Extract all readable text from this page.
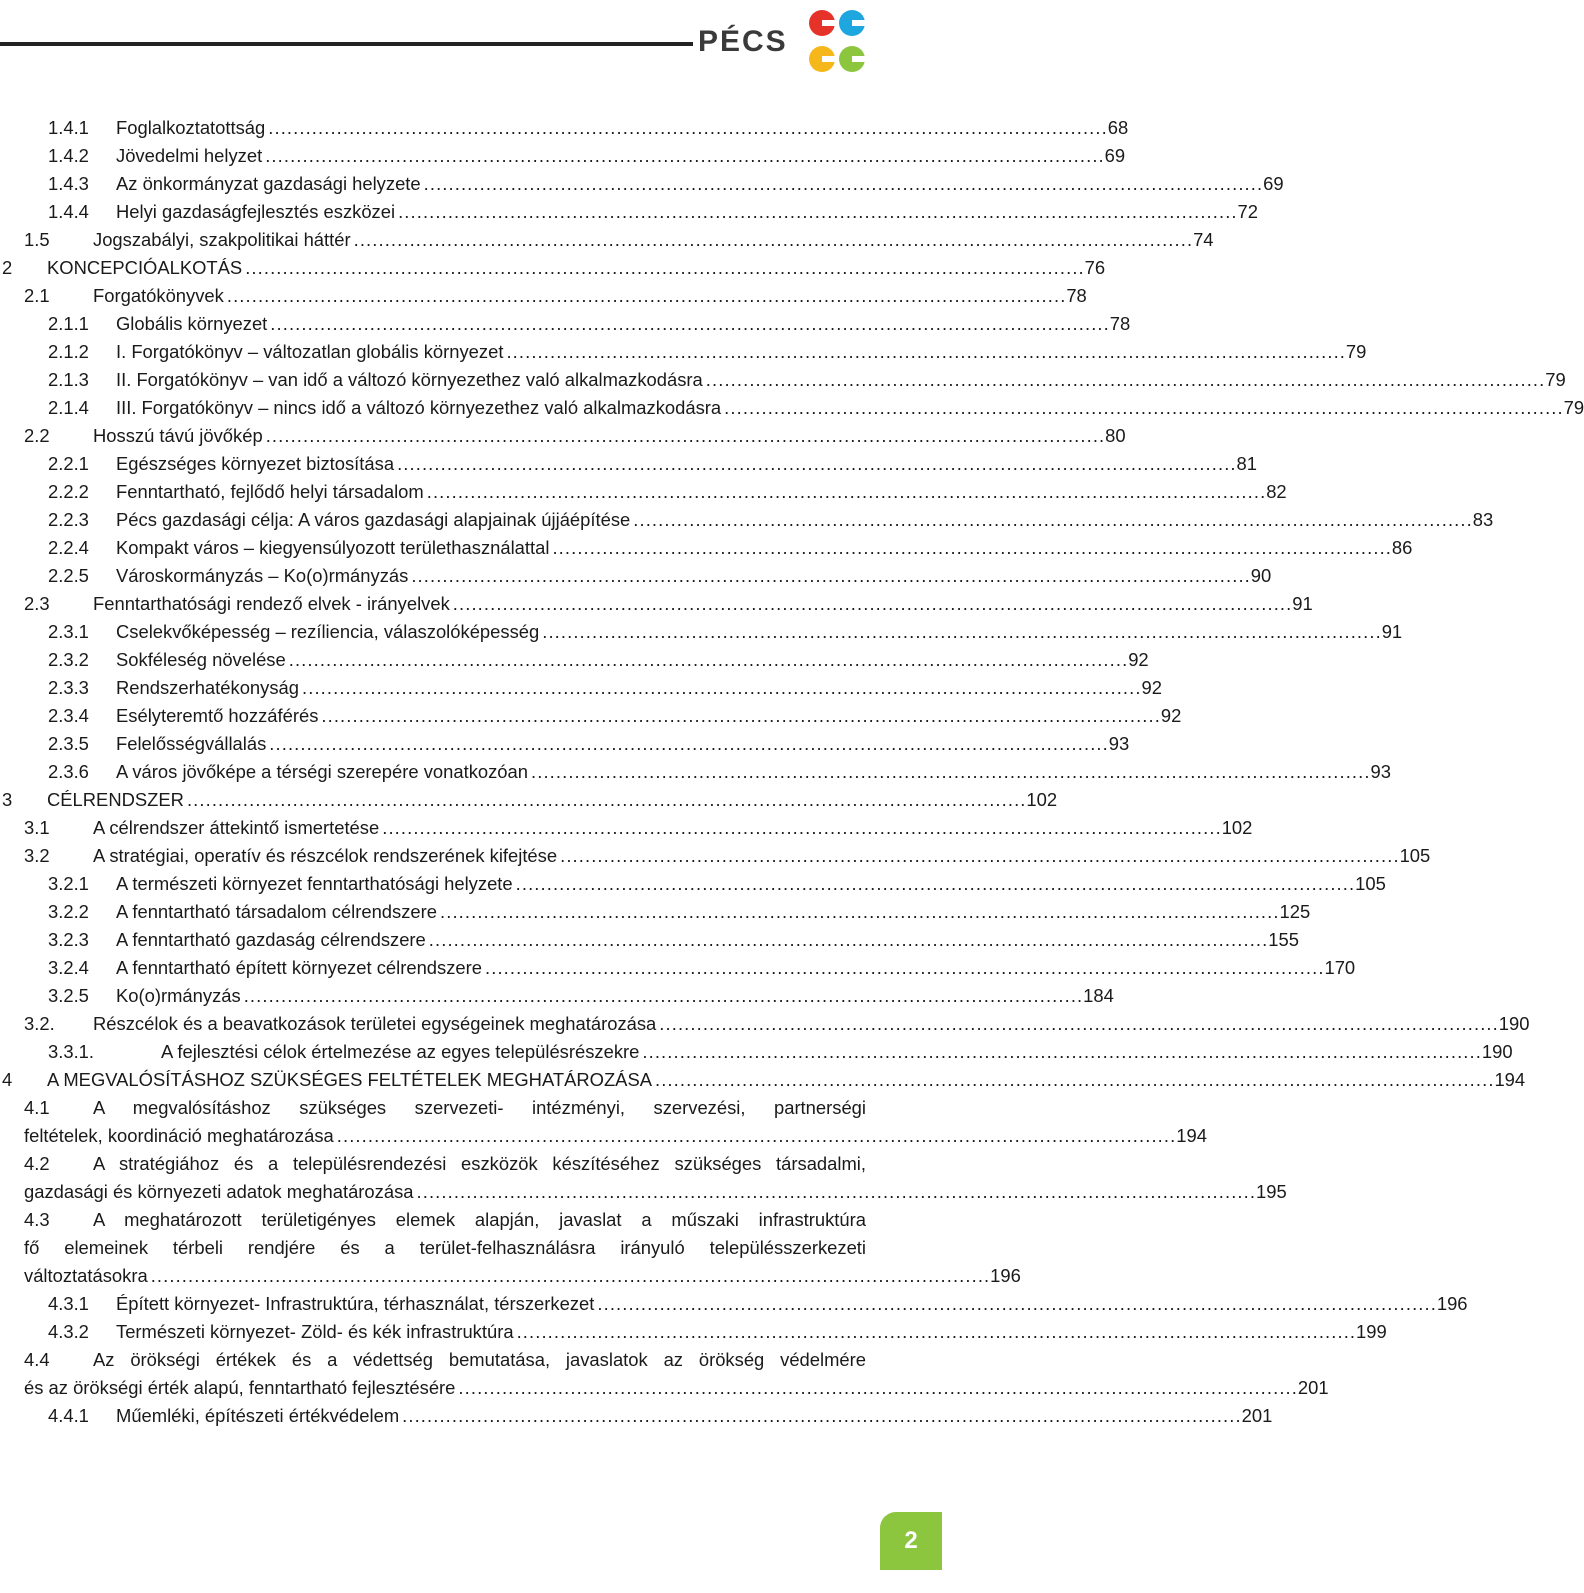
PÉCS
1.4.1	Foglalkoztatottság . . .	68
1.4.2	Jövedelmi helyzet . . .	69
1.4.3	Az önkormányzat gazdasági helyzete . . .	69
1.4.4	Helyi gazdaságfejlesztés eszközei . . .	72
1.5	Jogszabályi, szakpolitikai háttér . . .	74
2	KONCEPCIÓALKOTÁS . . .	76
2.1	Forgatókönyvek . . .	78
2.1.1	Globális környezet . . .	78
2.1.2	I. Forgatókönyv – változatlan globális környezet . . .	79
2.1.3	II. Forgatókönyv – van idő a változó környezethez való alkalmazkodásra . . .	79
2.1.4	III. Forgatókönyv – nincs idő a változó környezethez való alkalmazkodásra . . .	79
2.2	Hosszú távú jövőkép . . .	80
2.2.1	Egészséges környezet biztosítása . . .	81
2.2.2	Fenntartható, fejlődő helyi társadalom . . .	82
2.2.3	Pécs gazdasági célja: A város gazdasági alapjainak újjáépítése . . .	83
2.2.4	Kompakt város – kiegyensúlyozott területhasználattal . . .	86
2.2.5	Városkormányzás – Ko(o)rmányzás . . .	90
2.3	Fenntarthatósági rendező elvek - irányelvek . . .	91
2.3.1	Cselekvőképesség – rezíliencia, válaszolóképesség . . .	91
2.3.2	Sokféleség növelése . . .	92
2.3.3	Rendszerhatékonyság . . .	92
2.3.4	Esélyteremtő hozzáférés . . .	92
2.3.5	Felelősségvállalás . . .	93
2.3.6	A város jövőképe a térségi szerepére vonatkozóan . . .	93
3	CÉLRENDSZER . . .	102
3.1	A célrendszer áttekintő ismertetése . . .	102
3.2	A stratégiai, operatív és részcélok rendszerének kifejtése . . .	105
3.2.1	A természeti környezet fenntarthatósági helyzete . . .	105
3.2.2	A fenntartható társadalom célrendszere . . .	125
3.2.3	A fenntartható gazdaság célrendszere . . .	155
3.2.4	A fenntartható épített környezet célrendszere . . .	170
3.2.5	Ko(o)rmányzás . . .	184
3.2.	Részcélok és a beavatkozások területei egységeinek meghatározása . . .	190
3.3.1.	A fejlesztési célok értelmezése az egyes településrészekre . . .	190
4	A MEGVALÓSÍTÁSHOZ SZÜKSÉGES FELTÉTELEK MEGHATÁROZÁSA . . .	194
4.1 A megvalósításhoz szükséges szervezeti- intézményi, szervezési, partnerségi
feltételek, koordináció meghatározása . . .	194
4.2 A stratégiához és a településrendezési eszközök készítéséhez szükséges társadalmi,
gazdasági és környezeti adatok meghatározása . . .	195
4.3 A meghatározott területigényes elemek alapján, javaslat a műszaki infrastruktúra
fő elemeinek térbeli rendjére és a terület-felhasználásra irányuló településszerkezeti
változtatásokra . . .	196
4.3.1	Épített környezet- Infrastruktúra, térhasználat, térszerkezet . . .	196
4.3.2	Természeti környezet- Zöld- és kék infrastruktúra . . .	199
4.4 Az örökségi értékek és a védettség bemutatása, javaslatok az örökség védelmére
és az örökségi érték alapú, fenntartható fejlesztésére . . .	201
4.4.1	Műemléki, építészeti értékvédelem . . .	201
2
